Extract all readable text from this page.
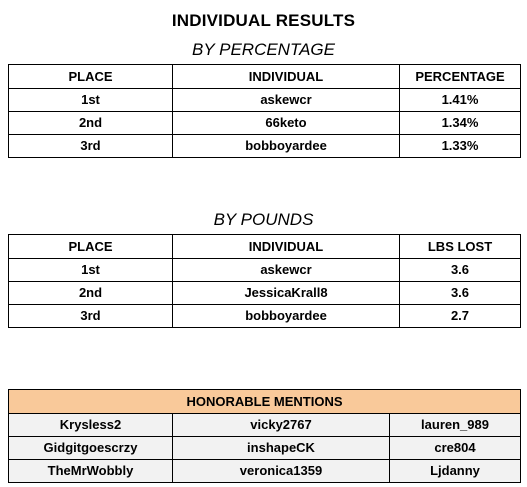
INDIVIDUAL RESULTS
BY PERCENTAGE
PLACE	INDIVIDUAL	PERCENTAGE
1st	askewcr	1.41%
2nd	66keto	1.34%
3rd	bobboyardee	1.33%
BY POUNDS
PLACE	INDIVIDUAL	LBS LOST
1st	askewcr	3.6
2nd	JessicaKrall8	3.6
3rd	bobboyardee	2.7
HONORABLE MENTIONS		
Krysless2	vicky2767	lauren_989
Gidgitgoescrzy	inshapeCK	cre804
TheMrWobbly	veronica1359	Ljdanny
